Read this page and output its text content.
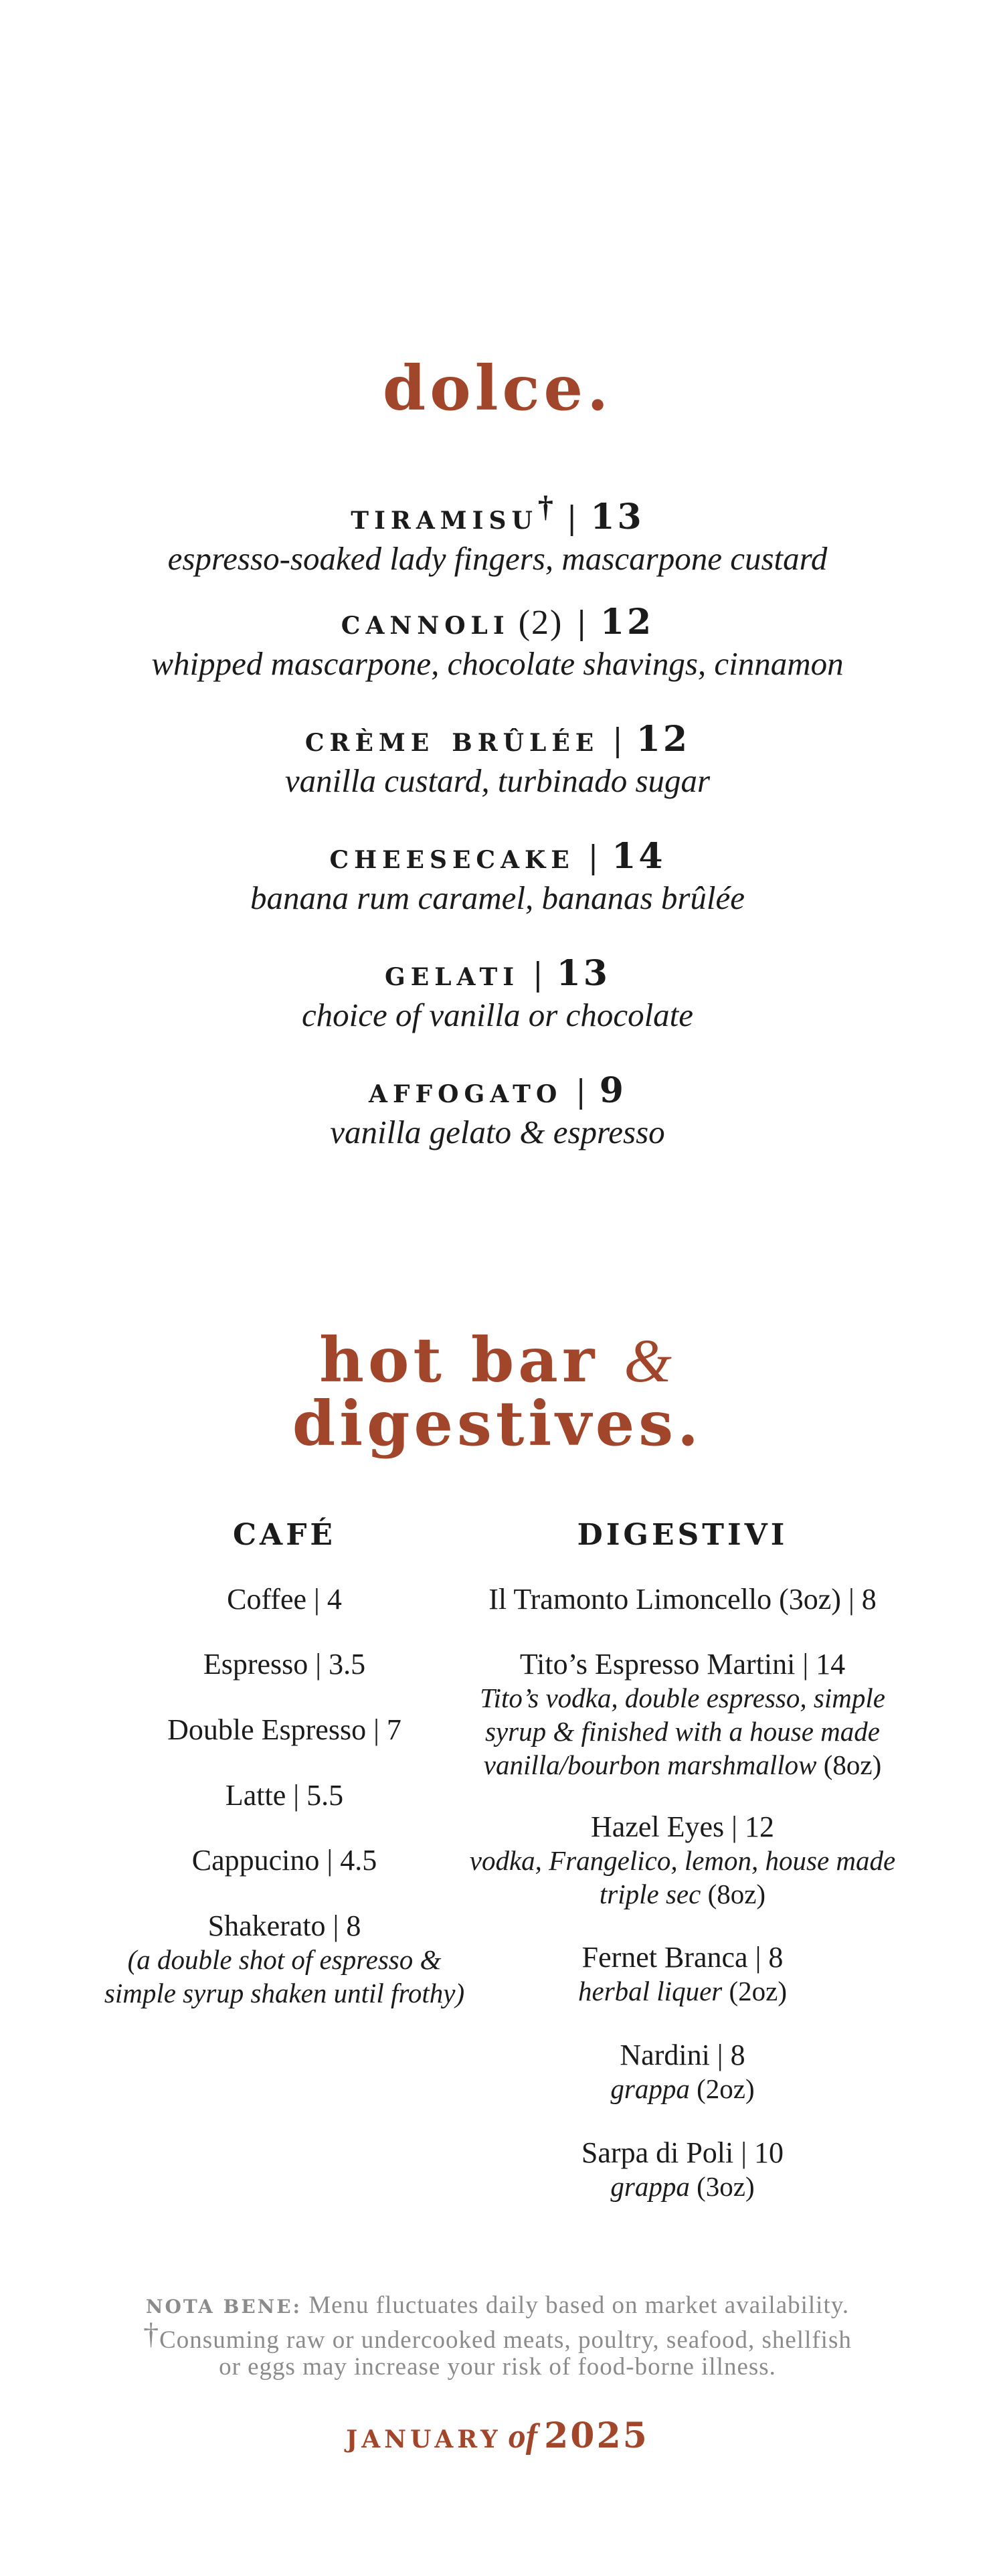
dolce.
tiramisu† | 13
espresso-soaked lady fingers, mascarpone custard
cannoli (2) | 12
whipped mascarpone, chocolate shavings, cinnamon
crème brûlée | 12
vanilla custard, turbinado sugar
cheesecake | 14
banana rum caramel, bananas brûlée
gelati | 13
choice of vanilla or chocolate
affogato | 9
vanilla gelato & espresso
hot bar &
digestives.
CAFÉ	DIGESTIVI
Coffee | 4
Espresso | 3.5
Double Espresso | 7
Latte | 5.5
Cappucino | 4.5
Shakerato | 8
(a double shot of espresso &
simple syrup shaken until frothy)
Il Tramonto Limoncello (3oz) | 8
Tito’s Espresso Martini | 14
Tito’s vodka, double espresso, simple
syrup & finished with a house made
vanilla/bourbon marshmallow (8oz)
Hazel Eyes | 12
vodka, Frangelico, lemon, house made
triple sec (8oz)
Fernet Branca | 8
herbal liquer (2oz)
Nardini | 8
grappa (2oz)
Sarpa di Poli | 10
grappa (3oz)
NOTA BENE: Menu fluctuates daily based on market availability.
†Consuming raw or undercooked meats, poultry, seafood, shellfish
or eggs may increase your risk of food-borne illness.
january of 2025
